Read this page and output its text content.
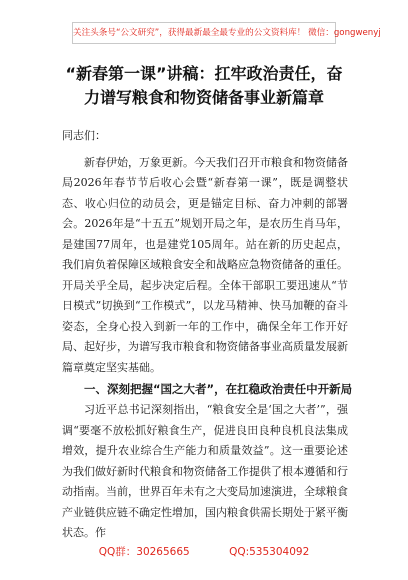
关注头条号“公文研究”，获得最新最全最专业的公文资料库！ 微信：gongwenyj
“新春第一课”讲稿：扛牢政治责任，奋
力谱写粮食和物资储备事业新篇章

同志们：

新春伊始，万象更新。今天我们召开市粮食和物资储备局2026年春节节后收心会暨“新春第一课”，既是调整状态、收心归位的动员会，更是锚定目标、奋力冲刺的部署会。2026年是“十五五”规划开局之年，是农历生肖马年，是建国77周年，也是建党105周年。站在新的历史起点，我们肩负着保障区域粮食安全和战略应急物资储备的重任。开局关乎全局，起步决定后程。全体干部职工要迅速从“节日模式”切换到“工作模式”，以龙马精神、快马加鞭的奋斗姿态，全身心投入到新一年的工作中，确保全年工作开好局、起好步，为谱写我市粮食和物资储备事业高质量发展新篇章奠定坚实基础。

一、深刻把握“国之大者”，在扛稳政治责任中开新局

习近平总书记深刻指出，“粮食安全是‘国之大者’”，强调“要毫不放松抓好粮食生产，促进良田良种良机良法集成增效，提升农业综合生产能力和质量效益”。这一重要论述为我们做好新时代粮食和物资储备工作提供了根本遵循和行动指南。当前，世界百年未有之大变局加速演进，全球粮食产业链供应链不确定性增加，国内粮食供需长期处于紧平衡状态。作

QQ群：30265665	QQ:535304092
